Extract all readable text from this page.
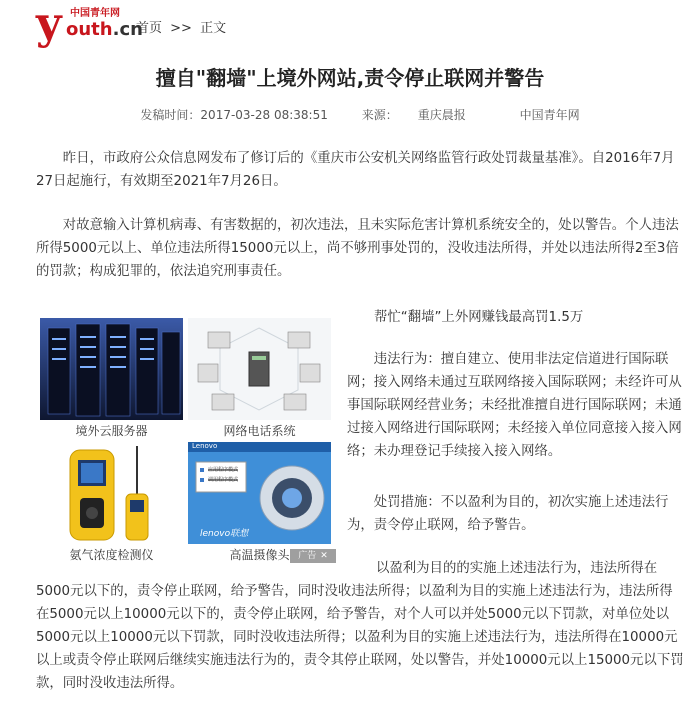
y 中国青年网
outh.cn
首页 >> 正文
擅自"翻墙"上境外网站,责令停止联网并警告
发稿时间：2017-03-28 08:38:51	来源： 重庆晨报	中国青年网
昨日，市政府公众信息网发布了修订后的《重庆市公安机关网络监管行政处罚裁量基准》。自2016年7月27日起施行，有效期至2021年7月26日。
对故意输入计算机病毒、有害数据的，初次违法，且未实际危害计算机系统安全的，处以警告。个人违法所得5000元以上、单位违法所得15000元以上，尚不够刑事处罚的，没收违法所得，并处以违法所得2至3倍的罚款；构成犯罪的，依法追究刑事责任。
境外云服务器	网络电话系统
氨气浓度检测仪
lenovo联想
Lenovo
应用程序模式
调用程序模式
高温摄像头 广告 ✕
帮忙“翻墙”上外网赚钱最高罚1.5万
违法行为：擅自建立、使用非法定信道进行国际联网；接入网络未通过互联网络接入国际联网；未经许可从事国际联网经营业务；未经批准擅自进行国际联网；未通过接入网络进行国际联网；未经接入单位同意接入接入网络；未办理登记手续接入接入网络。
处罚措施：不以盈利为目的，初次实施上述违法行为，责令停止联网，给予警告。
以盈利为目的的实施上述违法行为，违法所得在5000元以下的，责令停止联网，给予警告，同时没收违法所得；以盈利为目的实施上述违法行为，违法所得在5000元以上10000元以下的，责令停止联网，给予警告，对个人可以并处5000元以下罚款，对单位处以5000元以上10000元以下罚款，同时没收违法所得；以盈利为目的实施上述违法行为，违法所得在10000元以上或责令停止联网后继续实施违法行为的，责令其停止联网，处以警告，并处10000元以上15000元以下罚款，同时没收违法所得。
